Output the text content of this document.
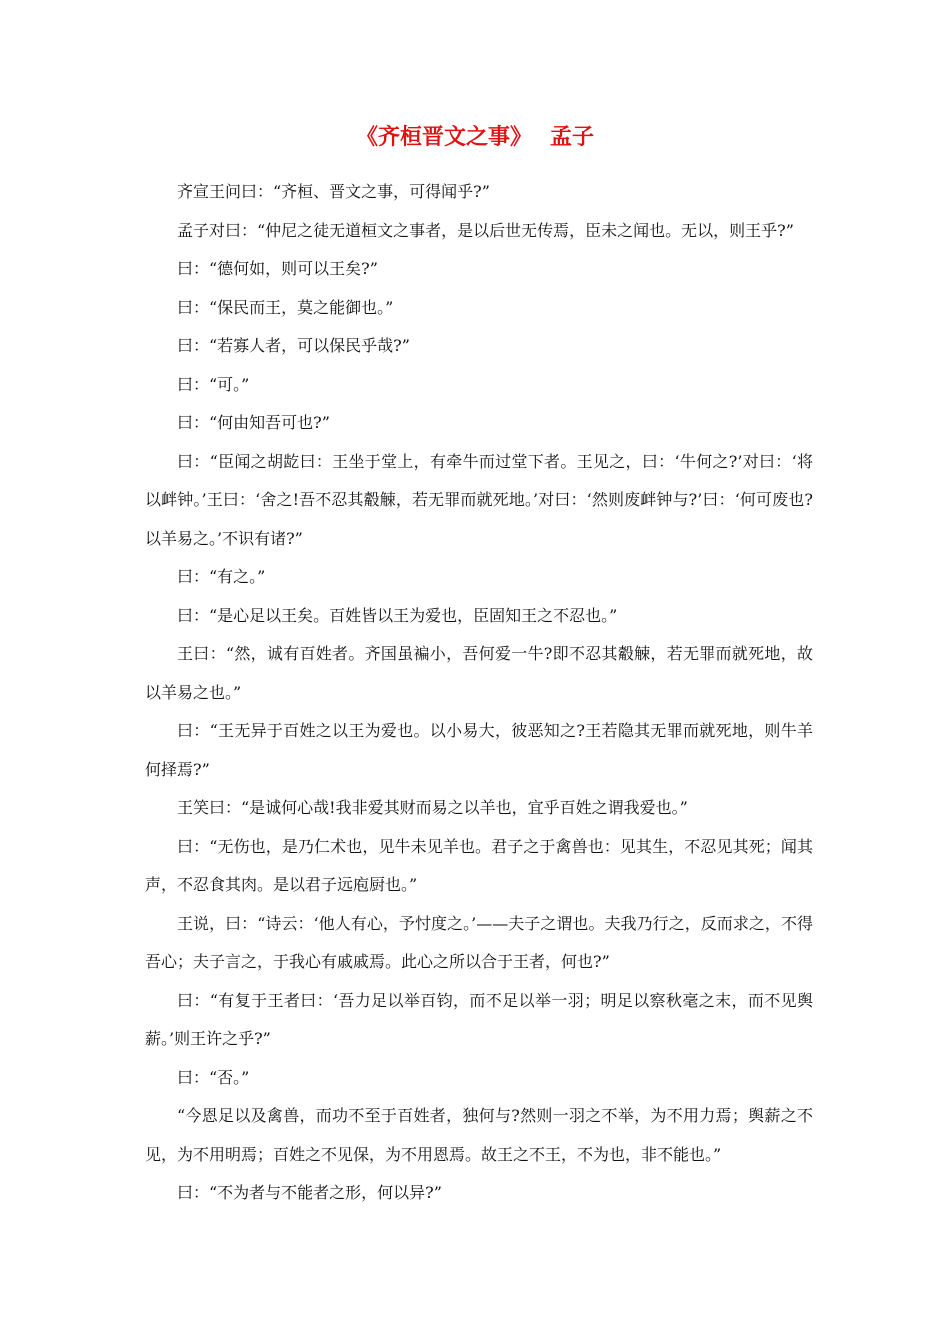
《齐桓晋文之事》 孟子

齐宣王问曰：“齐桓、晋文之事，可得闻乎?”

孟子对曰：“仲尼之徒无道桓文之事者，是以后世无传焉，臣未之闻也。无以，则王乎?”

曰：“德何如，则可以王矣?”

曰：“保民而王，莫之能御也。”

曰：“若寡人者，可以保民乎哉?”

曰：“可。”

曰：“何由知吾可也?”

曰：“臣闻之胡龁曰：王坐于堂上，有牵牛而过堂下者。王见之，曰：‘牛何之?’对曰：‘将以衅钟。’王曰：‘舍之!吾不忍其觳觫，若无罪而就死地。’对曰：‘然则废衅钟与?’曰：‘何可废也?以羊易之。’不识有诸?”

曰：“有之。”

曰：“是心足以王矣。百姓皆以王为爱也，臣固知王之不忍也。”

王曰：“然，诚有百姓者。齐国虽褊小，吾何爱一牛?即不忍其觳觫，若无罪而就死地，故以羊易之也。”

曰：“王无异于百姓之以王为爱也。以小易大，彼恶知之?王若隐其无罪而就死地，则牛羊何择焉?”

王笑曰：“是诚何心哉!我非爱其财而易之以羊也，宜乎百姓之谓我爱也。”

曰：“无伤也，是乃仁术也，见牛未见羊也。君子之于禽兽也：见其生，不忍见其死；闻其声，不忍食其肉。是以君子远庖厨也。”

王说，曰：“诗云：‘他人有心，予忖度之。’——夫子之谓也。夫我乃行之，反而求之，不得吾心；夫子言之，于我心有戚戚焉。此心之所以合于王者，何也?”

曰：“有复于王者曰：‘吾力足以举百钧，而不足以举一羽；明足以察秋毫之末，而不见舆薪。’则王许之乎?”

曰：“否。”

“今恩足以及禽兽，而功不至于百姓者，独何与?然则一羽之不举，为不用力焉；舆薪之不见，为不用明焉；百姓之不见保，为不用恩焉。故王之不王，不为也，非不能也。”

曰：“不为者与不能者之形，何以异?”
